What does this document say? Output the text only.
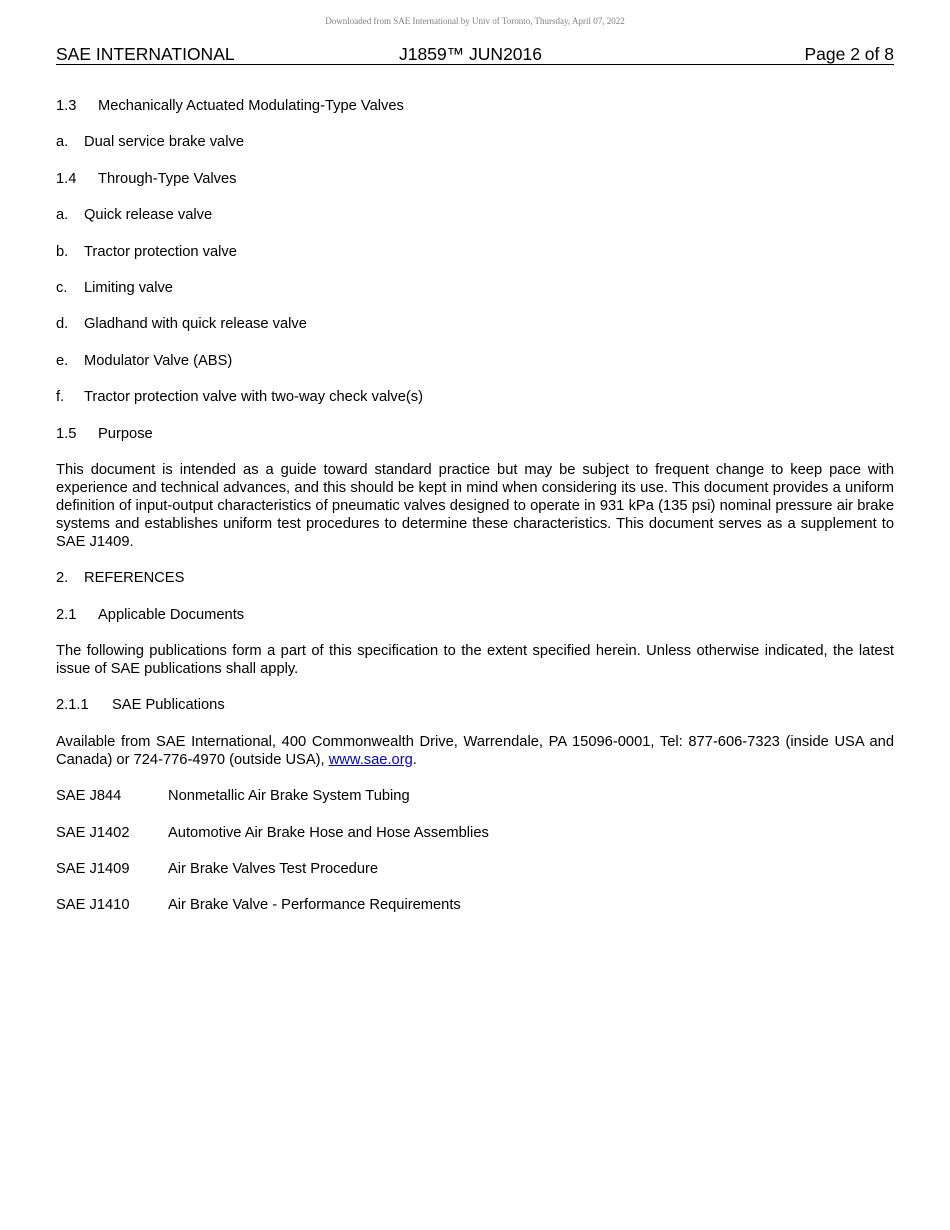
Downloaded from SAE International by Univ of Toronto, Thursday, April 07, 2022
SAE INTERNATIONAL	J1859™ JUN2016	Page 2 of 8
1.3 Mechanically Actuated Modulating-Type Valves
a. Dual service brake valve
1.4 Through-Type Valves
a. Quick release valve
b. Tractor protection valve
c. Limiting valve
d. Gladhand with quick release valve
e. Modulator Valve (ABS)
f. Tractor protection valve with two-way check valve(s)
1.5 Purpose
This document is intended as a guide toward standard practice but may be subject to frequent change to keep pace with experience and technical advances, and this should be kept in mind when considering its use. This document provides a uniform definition of input-output characteristics of pneumatic valves designed to operate in 931 kPa (135 psi) nominal pressure air brake systems and establishes uniform test procedures to determine these characteristics. This document serves as a supplement to SAE J1409.
2. REFERENCES
2.1 Applicable Documents
The following publications form a part of this specification to the extent specified herein. Unless otherwise indicated, the latest issue of SAE publications shall apply.
2.1.1 SAE Publications
Available from SAE International, 400 Commonwealth Drive, Warrendale, PA 15096-0001, Tel: 877-606-7323 (inside USA and Canada) or 724-776-4970 (outside USA), www.sae.org.
SAE J844	Nonmetallic Air Brake System Tubing
SAE J1402	Automotive Air Brake Hose and Hose Assemblies
SAE J1409	Air Brake Valves Test Procedure
SAE J1410	Air Brake Valve - Performance Requirements
